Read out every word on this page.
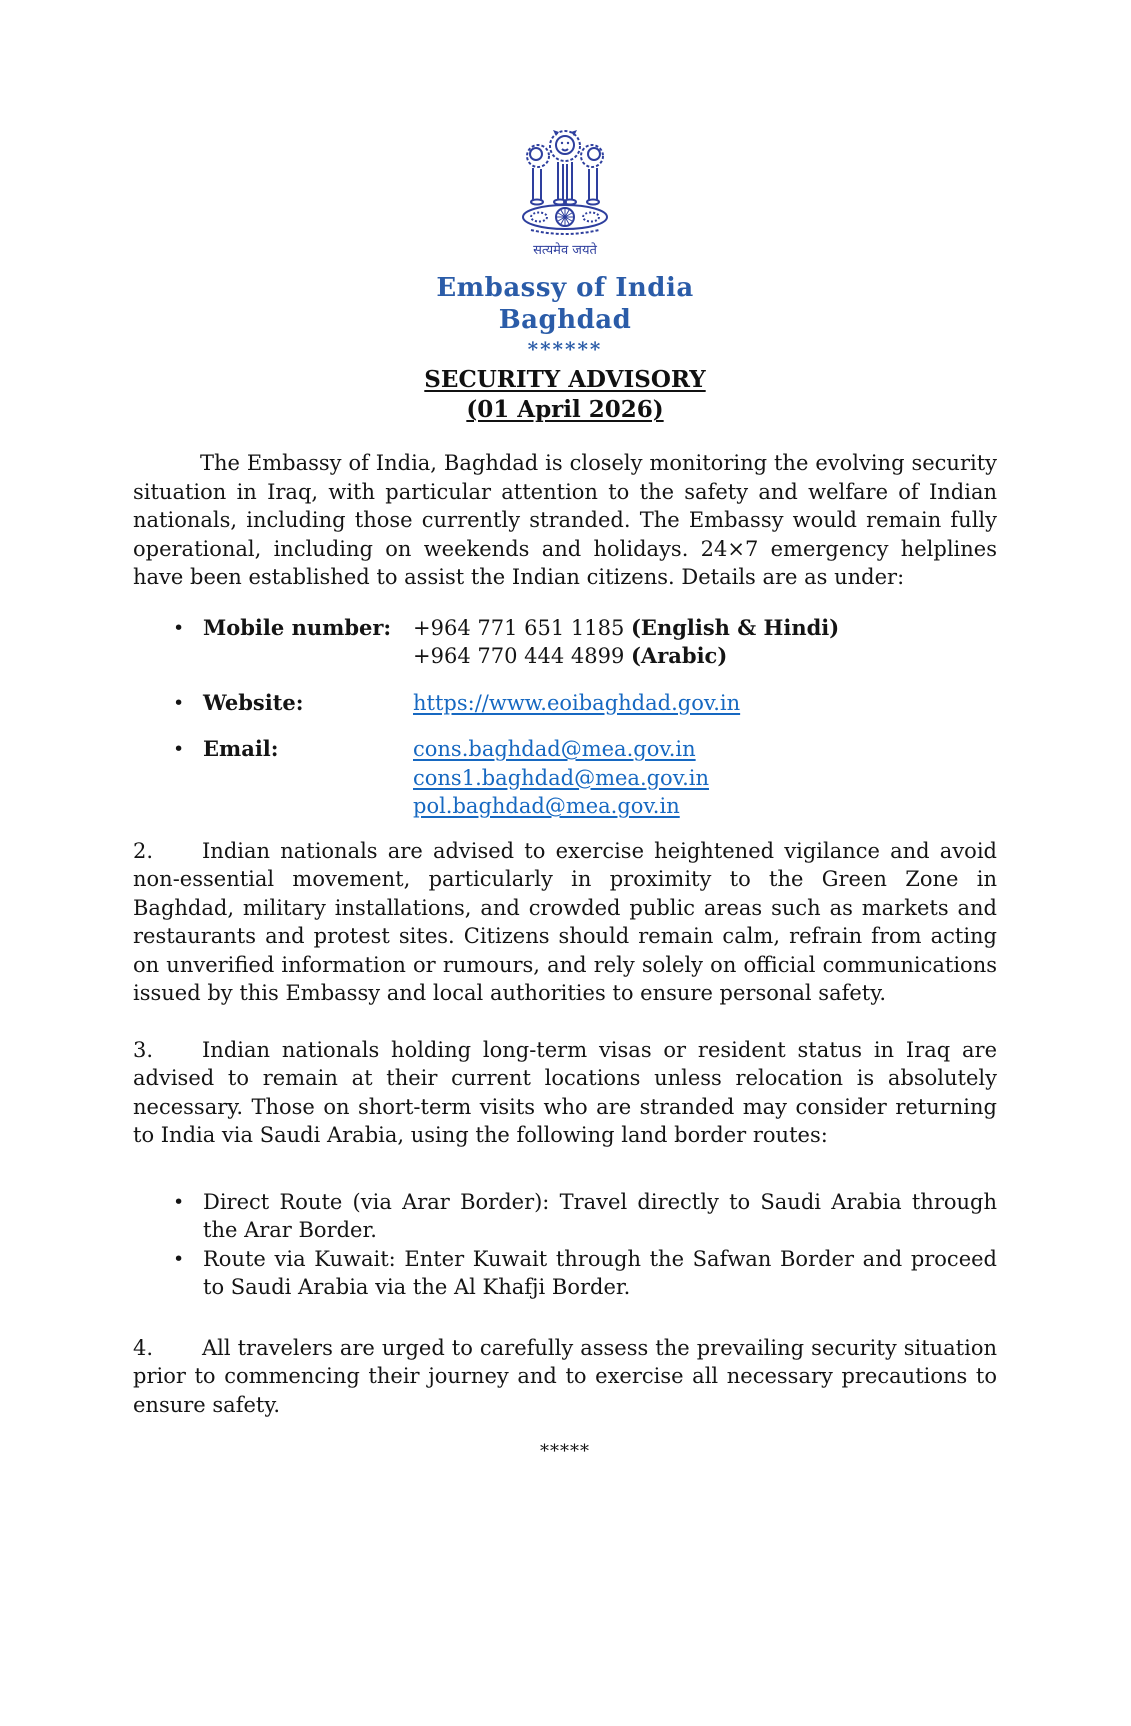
सत्यमेव जयते
Embassy of India
Baghdad
******
SECURITY ADVISORY
(01 April 2026)

The Embassy of India, Baghdad is closely monitoring the evolving security situation in Iraq, with particular attention to the safety and welfare of Indian nationals, including those currently stranded. The Embassy would remain fully operational, including on weekends and holidays. 24×7 emergency helplines have been established to assist the Indian citizens. Details are as under:

• Mobile number:	+964 771 651 1185 (English & Hindi)
+964 770 444 4899 (Arabic)
• Website:	https://www.eoibaghdad.gov.in
• Email:	cons.baghdad@mea.gov.in
cons1.baghdad@mea.gov.in
pol.baghdad@mea.gov.in

2. Indian nationals are advised to exercise heightened vigilance and avoid non-essential movement, particularly in proximity to the Green Zone in Baghdad, military installations, and crowded public areas such as markets and restaurants and protest sites. Citizens should remain calm, refrain from acting on unverified information or rumours, and rely solely on official communications issued by this Embassy and local authorities to ensure personal safety.

3. Indian nationals holding long-term visas or resident status in Iraq are advised to remain at their current locations unless relocation is absolutely necessary. Those on short-term visits who are stranded may consider returning to India via Saudi Arabia, using the following land border routes:

• Direct Route (via Arar Border): Travel directly to Saudi Arabia through the Arar Border.
• Route via Kuwait: Enter Kuwait through the Safwan Border and proceed to Saudi Arabia via the Al Khafji Border.

4. All travelers are urged to carefully assess the prevailing security situation prior to commencing their journey and to exercise all necessary precautions to ensure safety.

*****
